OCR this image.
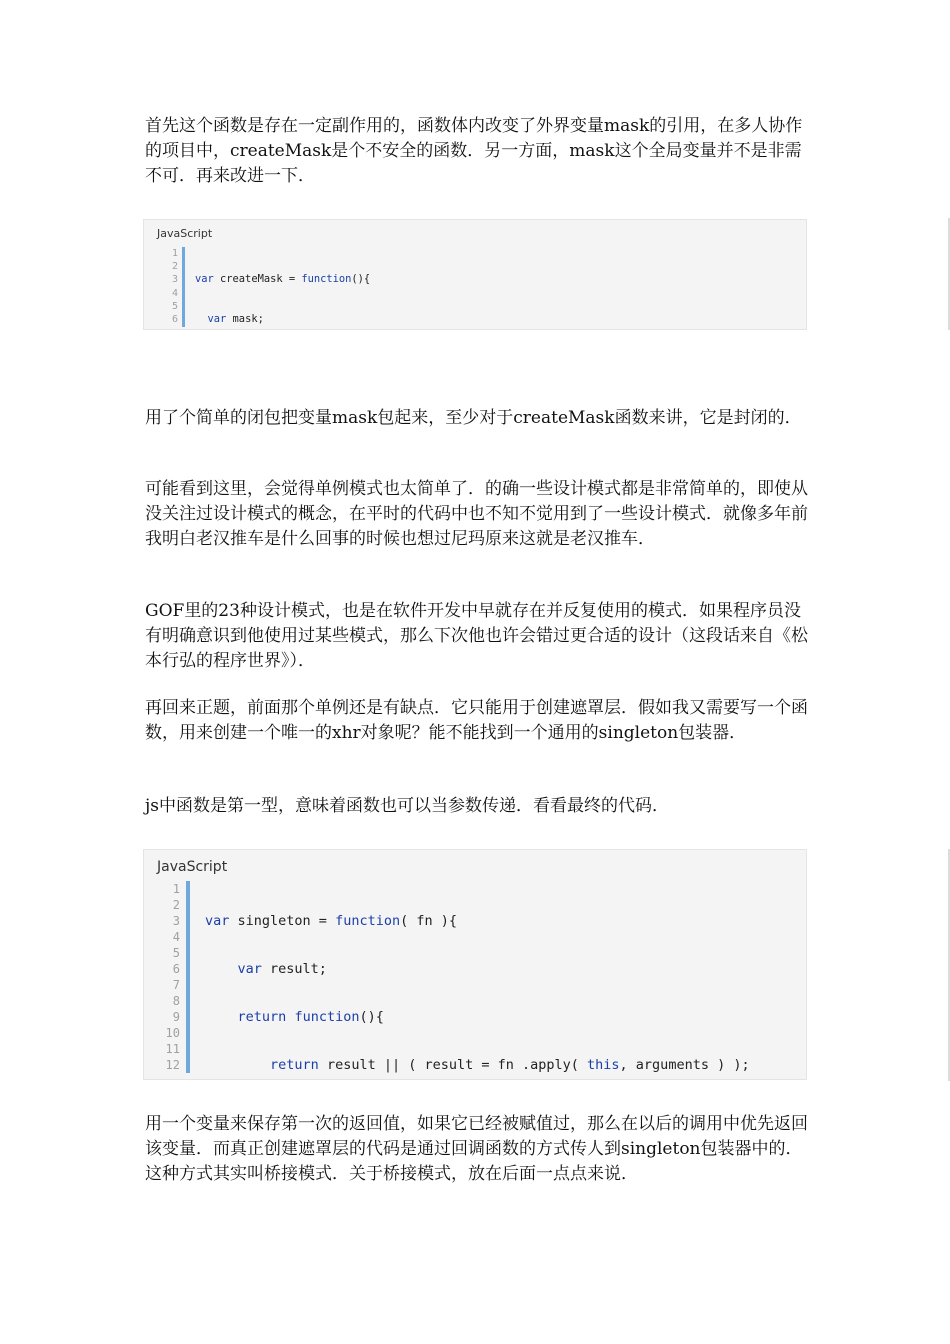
首先这个函数是存在一定副作用的，函数体内改变了外界变量mask的引用，在多人协作的项目中，createMask是个不安全的函数．另一方面，mask这个全局变量并不是非需不可．再来改进一下．

JavaScript
1
2
3
4
5
6

var createMask = function(){

var mask;

用了个简单的闭包把变量mask包起来，至少对于createMask函数来讲，它是封闭的．

可能看到这里，会觉得单例模式也太简单了．的确一些设计模式都是非常简单的，即使从没关注过设计模式的概念，在平时的代码中也不知不觉用到了一些设计模式．就像多年前我明白老汉推车是什么回事的时候也想过尼玛原来这就是老汉推车．

GOF里的23种设计模式，也是在软件开发中早就存在并反复使用的模式．如果程序员没有明确意识到他使用过某些模式，那么下次他也许会错过更合适的设计（这段话来自《松本行弘的程序世界》）．

再回来正题，前面那个单例还是有缺点．它只能用于创建遮罩层．假如我又需要写一个函数，用来创建一个唯一的xhr对象呢？能不能找到一个通用的singleton包装器．

js中函数是第一型，意味着函数也可以当参数传递．看看最终的代码．

JavaScript
1
2
3
4
5
6
7
8
9
10
11
12

var singleton = function( fn ){

var result;

return function(){

return result || ( result = fn .apply( this, arguments ) );

用一个变量来保存第一次的返回值，如果它已经被赋值过，那么在以后的调用中优先返回该变量．而真正创建遮罩层的代码是通过回调函数的方式传人到singleton包装器中的．这种方式其实叫桥接模式．关于桥接模式，放在后面一点点来说．
